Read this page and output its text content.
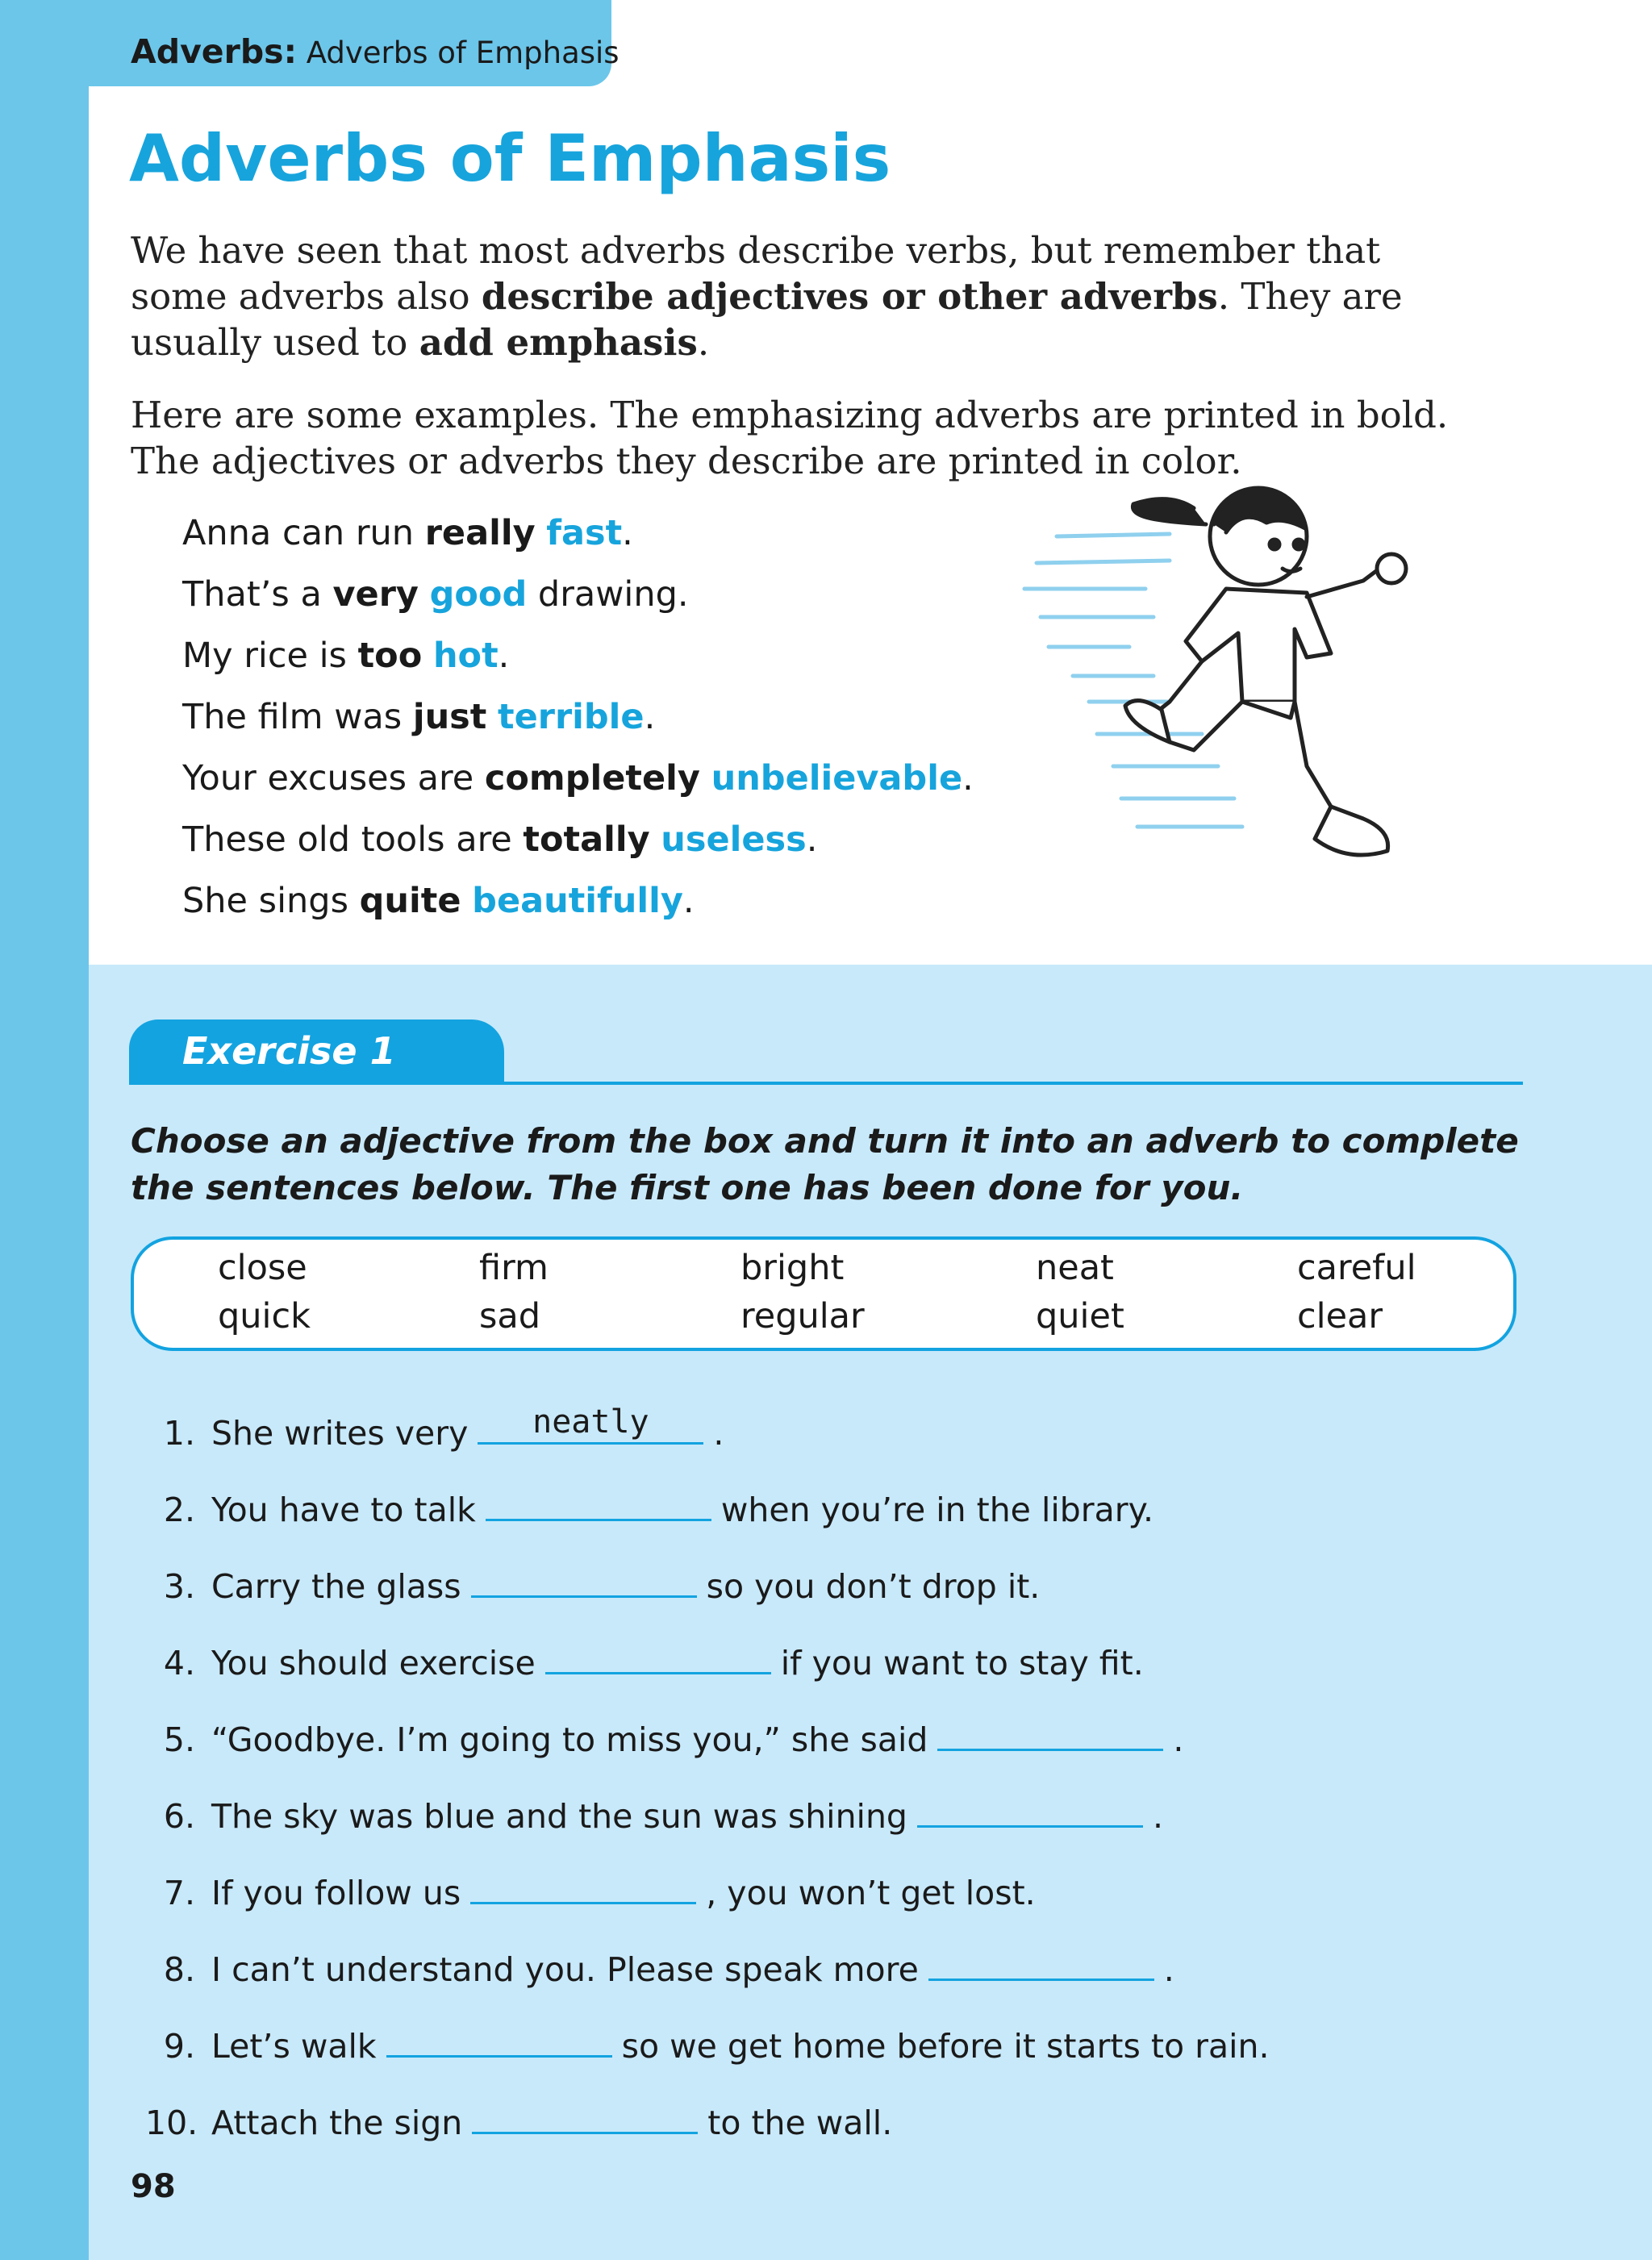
Adverbs: Adverbs of Emphasis
Adverbs of Emphasis
We have seen that most adverbs describe verbs, but remember that some adverbs also describe adjectives or other adverbs. They are usually used to add emphasis.
Here are some examples. The emphasizing adverbs are printed in bold. The adjectives or adverbs they describe are printed in color.
Anna can run really fast.
That’s a very good drawing.
My rice is too hot.
The film was just terrible.
Your excuses are completely unbelievable.
These old tools are totally useless.
She sings quite beautifully.
Exercise 1
Choose an adjective from the box and turn it into an adverb to complete the sentences below. The first one has been done for you.
close	firm	bright	neat	careful
quick	sad	regular	quiet	clear
1. She writes very	neatly	.
2. You have to talk	when you’re in the library.
3. Carry the glass	so you don’t drop it.
4. You should exercise	if you want to stay fit.
5. “Goodbye. I’m going to miss you,” she said	.
6. The sky was blue and the sun was shining	.
7. If you follow us	, you won’t get lost.
8. I can’t understand you. Please speak more	.
9. Let’s walk	so we get home before it starts to rain.
10. Attach the sign	to the wall.
98
